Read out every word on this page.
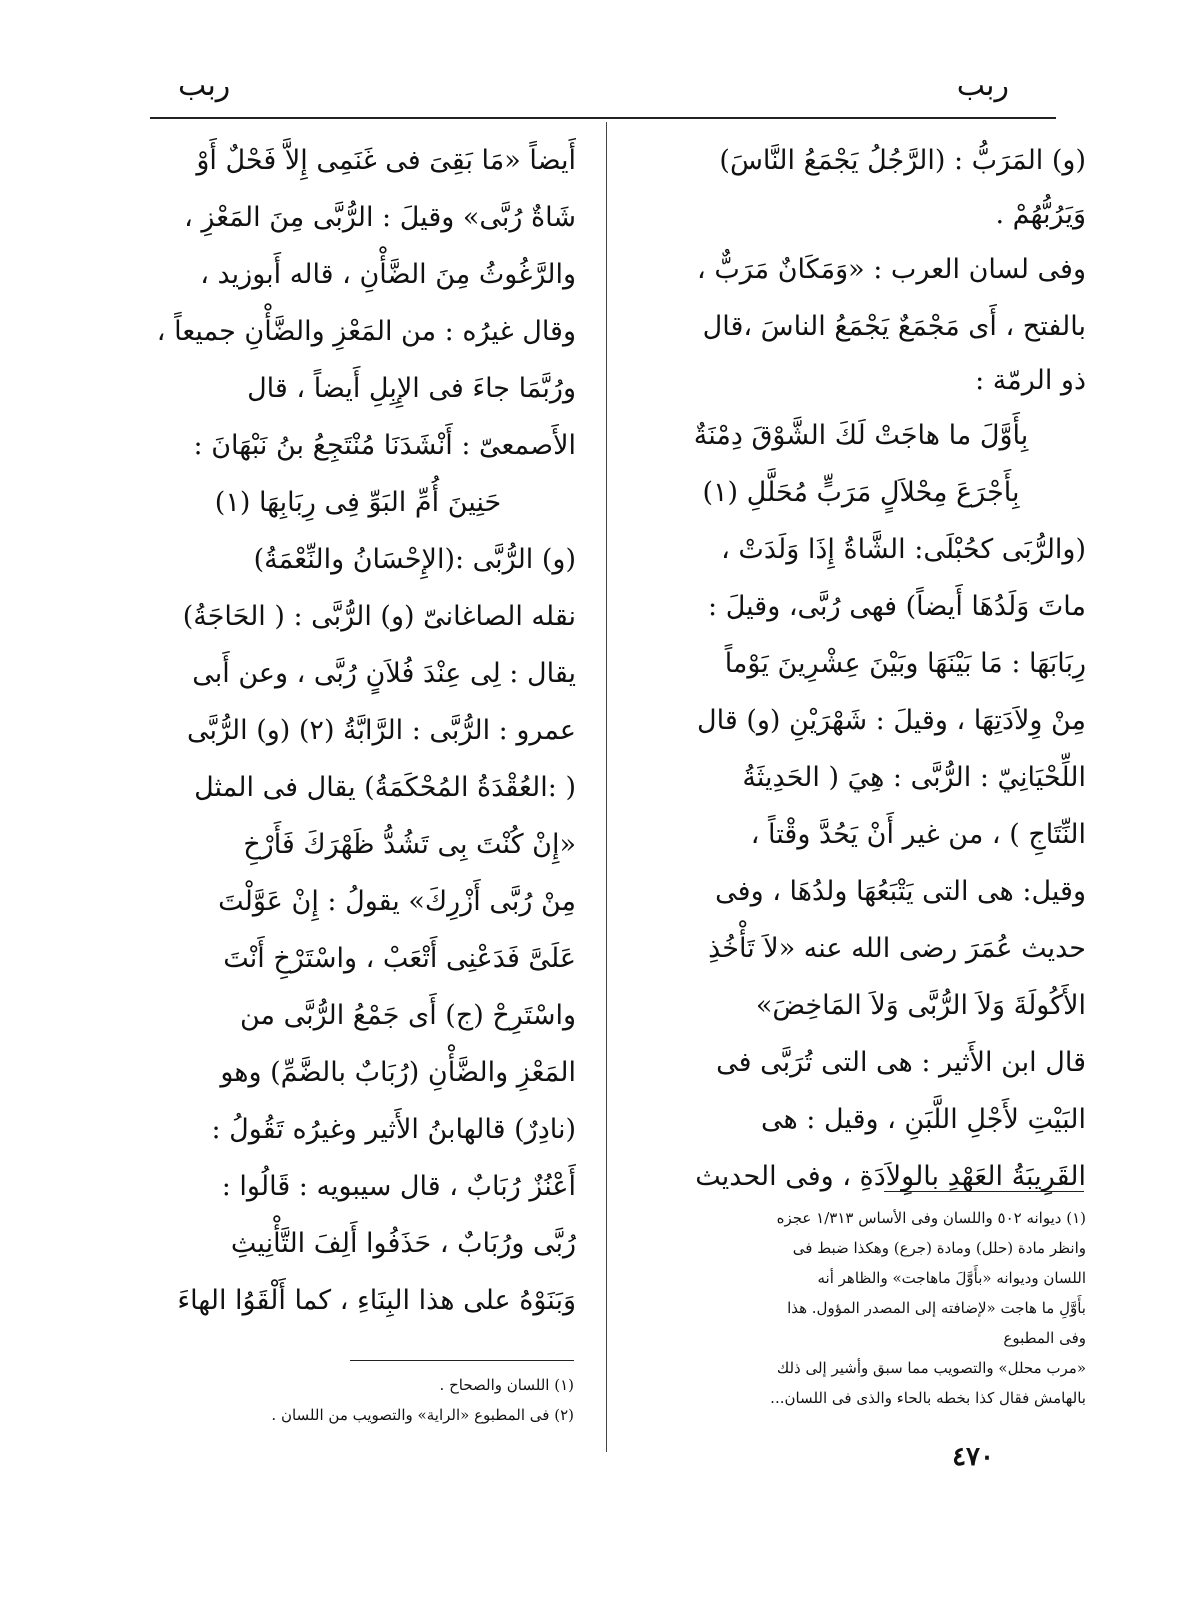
ربب
ربب
(و) المَرَبُّ : (الرَّجُلُ يَجْمَعُ النَّاسَ)
وَيَرُبُّهُمْ .
وفى لسان العرب : «وَمَكَانٌ مَرَبٌّ ،
بالفتح ، أَى مَجْمَعٌ يَجْمَعُ الناسَ ،قال
ذو الرمّة :
بِأَوَّلَ ما هاجَتْ لَكَ الشَّوْقَ دِمْنَةٌ
بِأَجْرَعَ مِحْلاَلٍ مَرَبٍّ مُحَلَّلِ (١)
(والرُّبَى كحُبْلَى: الشَّاةُ إِذَا وَلَدَتْ ،
ماتَ وَلَدُهَا أَيضاً) فهى رُبَّى، وقيلَ :
رِبَابَهَا : مَا بَيْنَهَا وبَيْنَ عِشْرِينَ يَوْماً
مِنْ وِلاَدَتِهَا ، وقيلَ : شَهْرَيْنِ (و) قال
اللِّحْيَانِيّ : الرُّبَّى : هِيَ ( الحَدِيثَةُ
النِّتَاجِ ) ، من غير أَنْ يَحُدَّ وقْتاً ،
وقيل: هى التى يَتْبَعُهَا ولدُهَا ، وفى
حديث عُمَرَ رضى الله عنه «لاَ تَأْخُذِ
الأَكُولَةَ وَلاَ الرُّبَّى وَلاَ المَاخِضَ»
قال ابن الأَثير : هى التى تُرَبَّى فى
البَيْتِ لأَجْلِ اللَّبَنِ ، وقيل : هى
القَرِيبَةُ العَهْدِ بالوِلاَدَةِ ، وفى الحديث
أَيضاً «مَا بَقِىَ فى غَنَمِى إِلاَّ فَحْلٌ أَوْ
شَاةٌ رُبَّى» وقيلَ : الرُّبَّى مِنَ المَعْزِ ،
والرَّغُوثُ مِنَ الضَّأْنِ ، قاله أَبوزيد ،
وقال غيرُه : من المَعْزِ والضَّأْنِ جميعاً ،
ورُبَّمَا جاءَ فى الإِبِلِ أَيضاً ، قال
الأَصمعىّ : أَنْشَدَنَا مُنْتَجِعُ بنُ نَبْهَانَ :
حَنِينَ أُمِّ البَوِّ فِى رِبَابِهَا (١)
(و) الرُّبَّى :(الإِحْسَانُ والنِّعْمَةُ)
نقله الصاغانىّ (و) الرُّبَّى : ( الحَاجَةُ)
يقال : لِى عِنْدَ فُلاَنٍ رُبَّى ، وعن أَبى
عمرو : الرُّبَّى : الرَّابَّةُ (٢) (و) الرُّبَّى
( :العُقْدَةُ المُحْكَمَةُ) يقال فى المثل
«إِنْ كُنْتَ بِى تَشُدُّ ظَهْرَكَ فَأَرْخِ
مِنْ رُبَّى أَزْرِكَ» يقولُ : إِنْ عَوَّلْتَ
عَلَىَّ فَدَعْنِى أَتْعَبْ ، واسْتَرْخِ أَنْتَ
واسْتَرِحْ (ج) أَى جَمْعُ الرُّبَّى من
المَعْزِ والضَّأْنِ (رُبَابٌ بالضَّمِّ) وهو
(نادِرٌ) قالهابنُ الأَثير وغيرُه تَقُولُ :
أَعْنُزٌ رُبَابٌ ، قال سيبويه : قَالُوا :
رُبَّى ورُبَابٌ ، حَذَفُوا أَلِفَ التَّأْنِيثِ
وَبَنَوْهُ على هذا البِنَاءِ ، كما أَلْقَوُا الهاءَ
(١) ديوانه ٥٠٢ واللسان وفى الأساس ١/٣١٣ عجزه
وانظر مادة (حلل) ومادة (جرع) وهكذا ضبط فى
اللسان وديوانه «بأَوَّلَ ماهاجت» والظاهر أنه
بأَوَّلِ ما هاجت «لإضافته إلى المصدر المؤول. هذا
وفى المطبوع
«مرب محلل» والتصويب مما سبق وأشير إلى ذلك
بالهامش فقال كذا بخطه بالحاء والذى فى اللسان...
(١) اللسان والصحاح .
(٢) فى المطبوع «الراية» والتصويب من اللسان .
٤٧٠
